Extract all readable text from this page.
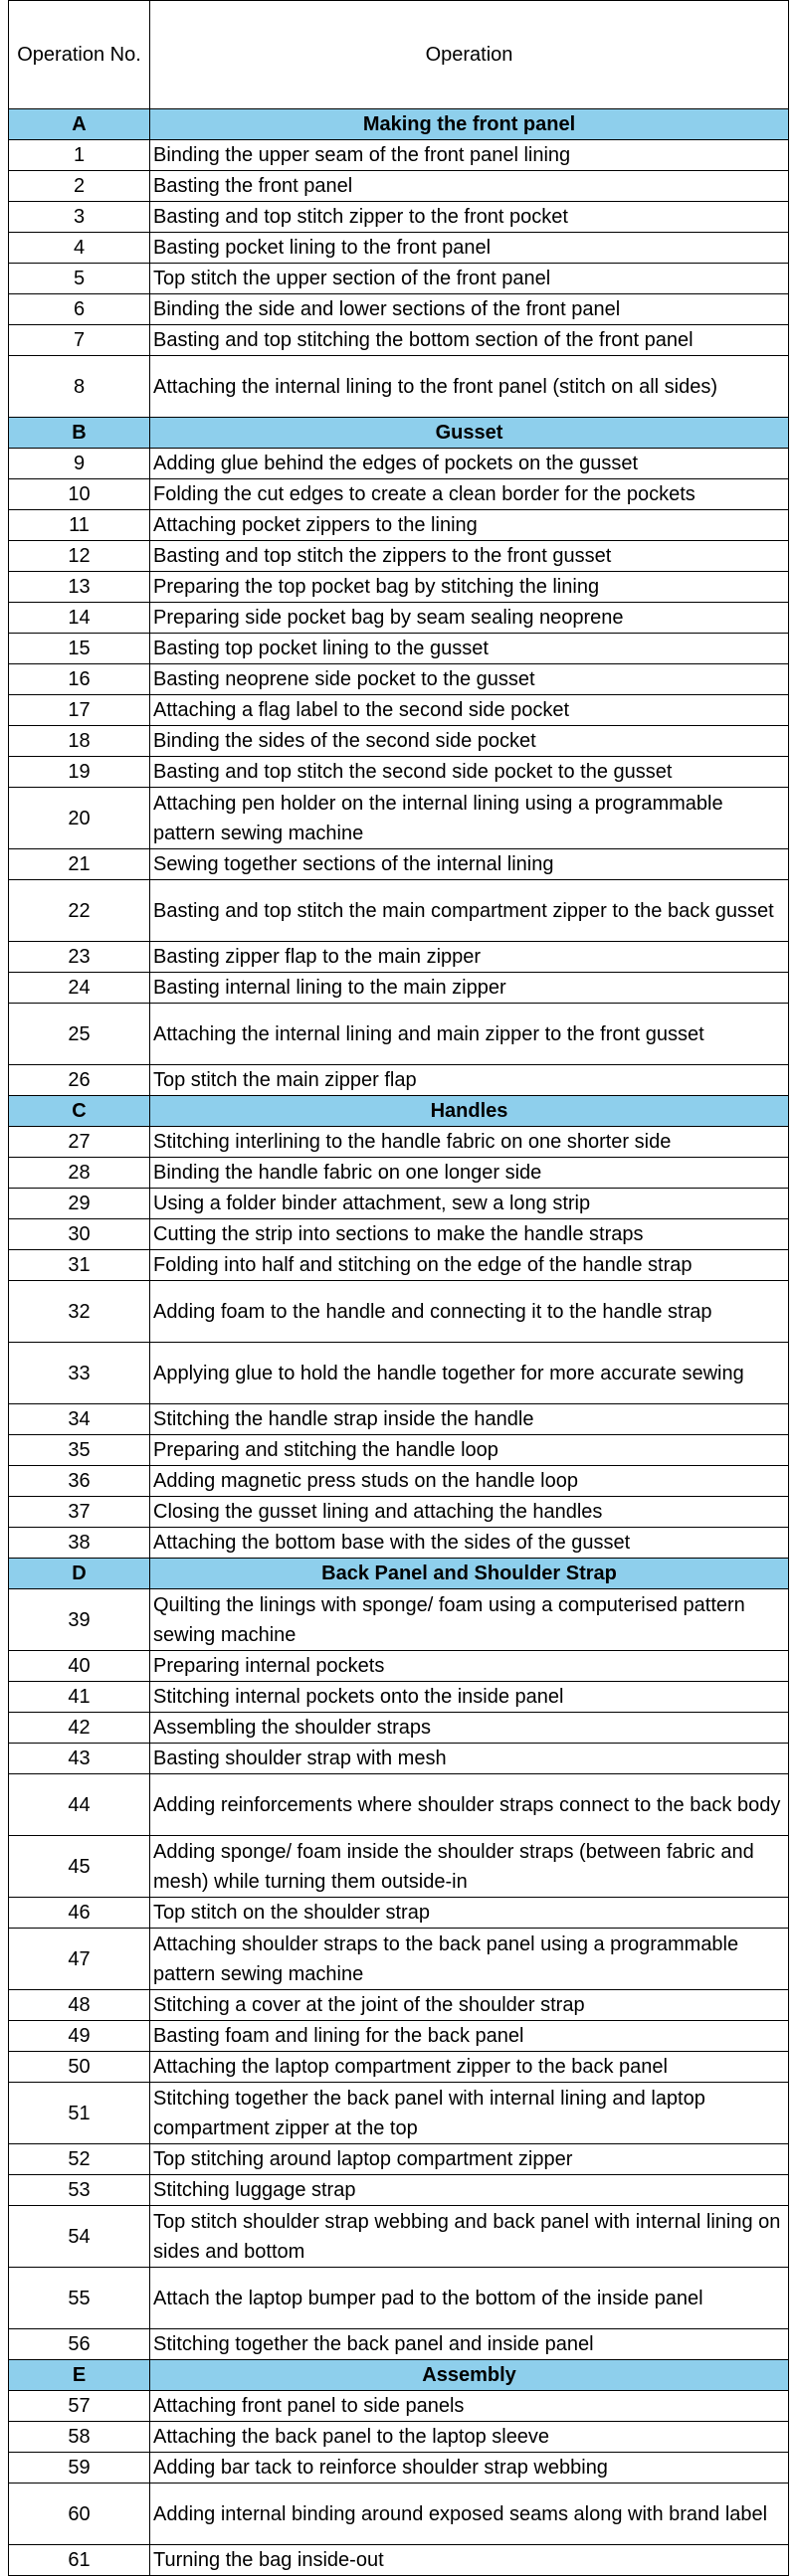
Operation No.	Operation
A	Making the front panel
1	Binding the upper seam of the front panel lining
2	Basting the front panel
3	Basting and top stitch zipper to the front pocket
4	Basting pocket lining to the front panel
5	Top stitch the upper section of the front panel
6	Binding the side and lower sections of the front panel
7	Basting and top stitching the bottom section of the front panel
8	Attaching the internal lining to the front panel (stitch on all sides)
B	Gusset
9	Adding glue behind the edges of pockets on the gusset
10	Folding the cut edges to create a clean border for the pockets
11	Attaching pocket zippers to the lining
12	Basting and top stitch the zippers to the front gusset
13	Preparing the top pocket bag by stitching the lining
14	Preparing side pocket bag by seam sealing neoprene
15	Basting top pocket lining to the gusset
16	Basting neoprene side pocket to the gusset
17	Attaching a flag label to the second side pocket
18	Binding the sides of the second side pocket
19	Basting and top stitch the second side pocket to the gusset
20	Attaching pen holder on the internal lining using a programmable pattern sewing machine
21	Sewing together sections of the internal lining
22	Basting and top stitch the main compartment zipper to the back gusset
23	Basting zipper flap to the main zipper
24	Basting internal lining to the main zipper
25	Attaching the internal lining and main zipper to the front gusset
26	Top stitch the main zipper flap
C	Handles
27	Stitching interlining to the handle fabric on one shorter side
28	Binding the handle fabric on one longer side
29	Using a folder binder attachment, sew a long strip
30	Cutting the strip into sections to make the handle straps
31	Folding into half and stitching on the edge of the handle strap
32	Adding foam to the handle and connecting it to the handle strap
33	Applying glue to hold the handle together for more accurate sewing
34	Stitching the handle strap inside the handle
35	Preparing and stitching the handle loop
36	Adding magnetic press studs on the handle loop
37	Closing the gusset lining and attaching the handles
38	Attaching the bottom base with the sides of the gusset
D	Back Panel and Shoulder Strap
39	Quilting the linings with sponge/ foam using a computerised pattern sewing machine
40	Preparing internal pockets
41	Stitching internal pockets onto the inside panel
42	Assembling the shoulder straps
43	Basting shoulder strap with mesh
44	Adding reinforcements where shoulder straps connect to the back body
45	Adding sponge/ foam inside the shoulder straps (between fabric and mesh) while turning them outside-in
46	Top stitch on the shoulder strap
47	Attaching shoulder straps to the back panel using a programmable pattern sewing machine
48	Stitching a cover at the joint of the shoulder strap
49	Basting foam and lining for the back panel
50	Attaching the laptop compartment zipper to the back panel
51	Stitching together the back panel with internal lining and laptop compartment zipper at the top
52	Top stitching around laptop compartment zipper
53	Stitching luggage strap
54	Top stitch shoulder strap webbing and back panel with internal lining on sides and bottom
55	Attach the laptop bumper pad to the bottom of the inside panel
56	Stitching together the back panel and inside panel
E	Assembly
57	Attaching front panel to side panels
58	Attaching the back panel to the laptop sleeve
59	Adding bar tack to reinforce shoulder strap webbing
60	Adding internal binding around exposed seams along with brand label
61	Turning the bag inside-out
